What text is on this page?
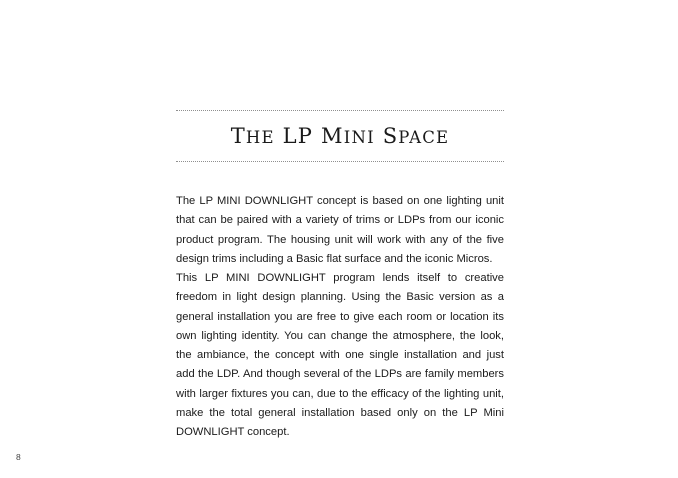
THE LP MINI SPACE

The LP MINI DOWNLIGHT concept is based on one lighting unit that can be paired with a variety of trims or LDPs from our iconic product program. The housing unit will work with any of the five design trims including a Basic flat surface and the iconic Micros.

This LP MINI DOWNLIGHT program lends itself to creative freedom in light design planning. Using the Basic version as a general installation you are free to give each room or location its own lighting identity. You can change the atmosphere, the look, the ambiance, the concept with one single installation and just add the LDP. And though several of the LDPs are family members with larger fixtures you can, due to the efficacy of the lighting unit, make the total general installation based only on the LP Mini DOWNLIGHT concept.

8
